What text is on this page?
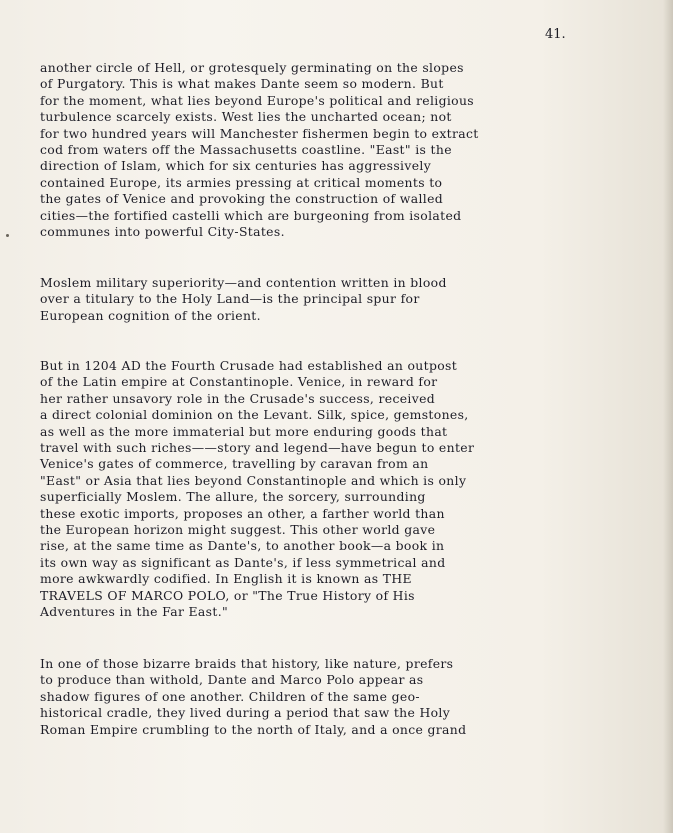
41.
another circle of Hell, or grotesquely germinating on the slopes
of Purgatory. This is what makes Dante seem so modern. But
for the moment, what lies beyond Europe's political and religious
turbulence scarcely exists. West lies the uncharted ocean; not
for two hundred years will Manchester fishermen begin to extract
cod from waters off the Massachusetts coastline. "East" is the
direction of Islam, which for six centuries has aggressively
contained Europe, its armies pressing at critical moments to
the gates of Venice and provoking the construction of walled
cities—the fortified castelli which are burgeoning from isolated
communes into powerful City-States.
Moslem military superiority—and contention written in blood
over a titulary to the Holy Land—is the principal spur for
European cognition of the orient.
But in 1204 AD the Fourth Crusade had established an outpost
of the Latin empire at Constantinople. Venice, in reward for
her rather unsavory role in the Crusade's success, received
a direct colonial dominion on the Levant. Silk, spice, gemstones,
as well as the more immaterial but more enduring goods that
travel with such riches——story and legend—have begun to enter
Venice's gates of commerce, travelling by caravan from an
"East" or Asia that lies beyond Constantinople and which is only
superficially Moslem. The allure, the sorcery, surrounding
these exotic imports, proposes an other, a farther world than
the European horizon might suggest. This other world gave
rise, at the same time as Dante's, to another book—a book in
its own way as significant as Dante's, if less symmetrical and
more awkwardly codified. In English it is known as THE
TRAVELS OF MARCO POLO, or "The True History of His
Adventures in the Far East."
In one of those bizarre braids that history, like nature, prefers
to produce than withold, Dante and Marco Polo appear as
shadow figures of one another. Children of the same geo-
historical cradle, they lived during a period that saw the Holy
Roman Empire crumbling to the north of Italy, and a once grand
